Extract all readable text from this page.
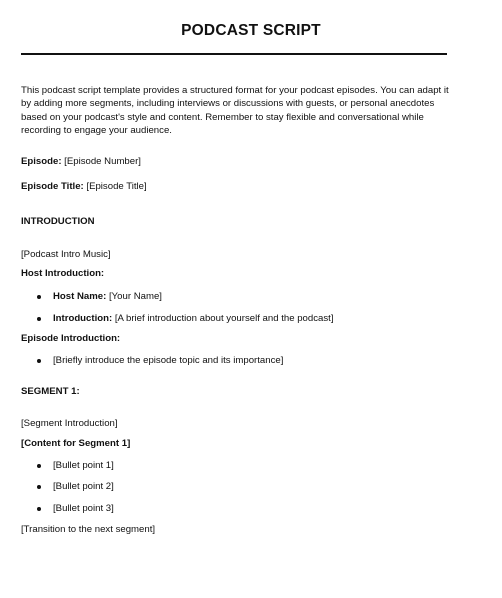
PODCAST SCRIPT
This podcast script template provides a structured format for your podcast episodes. You can adapt it by adding more segments, including interviews or discussions with guests, or personal anecdotes based on your podcast's style and content. Remember to stay flexible and conversational while recording to engage your audience.
Episode: [Episode Number]
Episode Title: [Episode Title]
INTRODUCTION
[Podcast Intro Music]
Host Introduction:
Host Name: [Your Name]
Introduction: [A brief introduction about yourself and the podcast]
Episode Introduction:
[Briefly introduce the episode topic and its importance]
SEGMENT 1:
[Segment Introduction]
[Content for Segment 1]
[Bullet point 1]
[Bullet point 2]
[Bullet point 3]
[Transition to the next segment]
